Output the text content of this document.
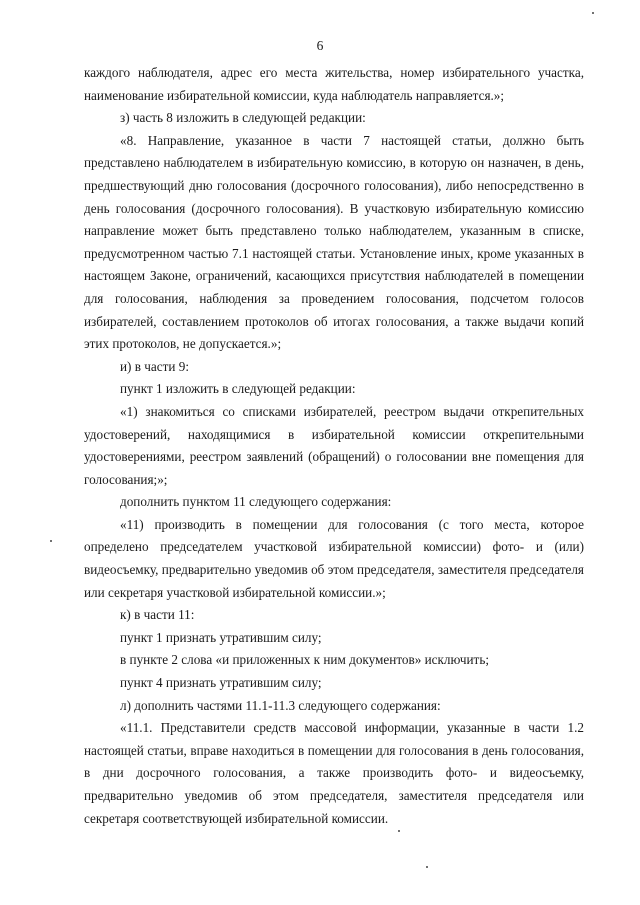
6

каждого наблюдателя, адрес его места жительства, номер избирательного участка, наименование избирательной комиссии, куда наблюдатель направляется.»;

з) часть 8 изложить в следующей редакции:

«8. Направление, указанное в части 7 настоящей статьи, должно быть представлено наблюдателем в избирательную комиссию, в которую он назначен, в день, предшествующий дню голосования (досрочного голосования), либо непосредственно в день голосования (досрочного голосования). В участковую избирательную комиссию направление может быть представлено только наблюдателем, указанным в списке, предусмотренном частью 7.1 настоящей статьи. Установление иных, кроме указанных в настоящем Законе, ограничений, касающихся присутствия наблюдателей в помещении для голосования, наблюдения за проведением голосования, подсчетом голосов избирателей, составлением протоколов об итогах голосования, а также выдачи копий этих протоколов, не допускается.»;

и) в части 9:

пункт 1 изложить в следующей редакции:

«1) знакомиться со списками избирателей, реестром выдачи открепительных удостоверений, находящимися в избирательной комиссии открепительными удостоверениями, реестром заявлений (обращений) о голосовании вне помещения для голосования;»;

дополнить пунктом 11 следующего содержания:

«11) производить в помещении для голосования (с того места, которое определено председателем участковой избирательной комиссии) фото- и (или) видеосъемку, предварительно уведомив об этом председателя, заместителя председателя или секретаря участковой избирательной комиссии.»;

к) в части 11:

пункт 1 признать утратившим силу;

в пункте 2 слова «и приложенных к ним документов» исключить;

пункт 4 признать утратившим силу;

л) дополнить частями 11.1-11.3 следующего содержания:

«11.1. Представители средств массовой информации, указанные в части 1.2 настоящей статьи, вправе находиться в помещении для голосования в день голосования, в дни досрочного голосования, а также производить фото- и видеосъемку, предварительно уведомив об этом председателя, заместителя председателя или секретаря соответствующей избирательной комиссии.
